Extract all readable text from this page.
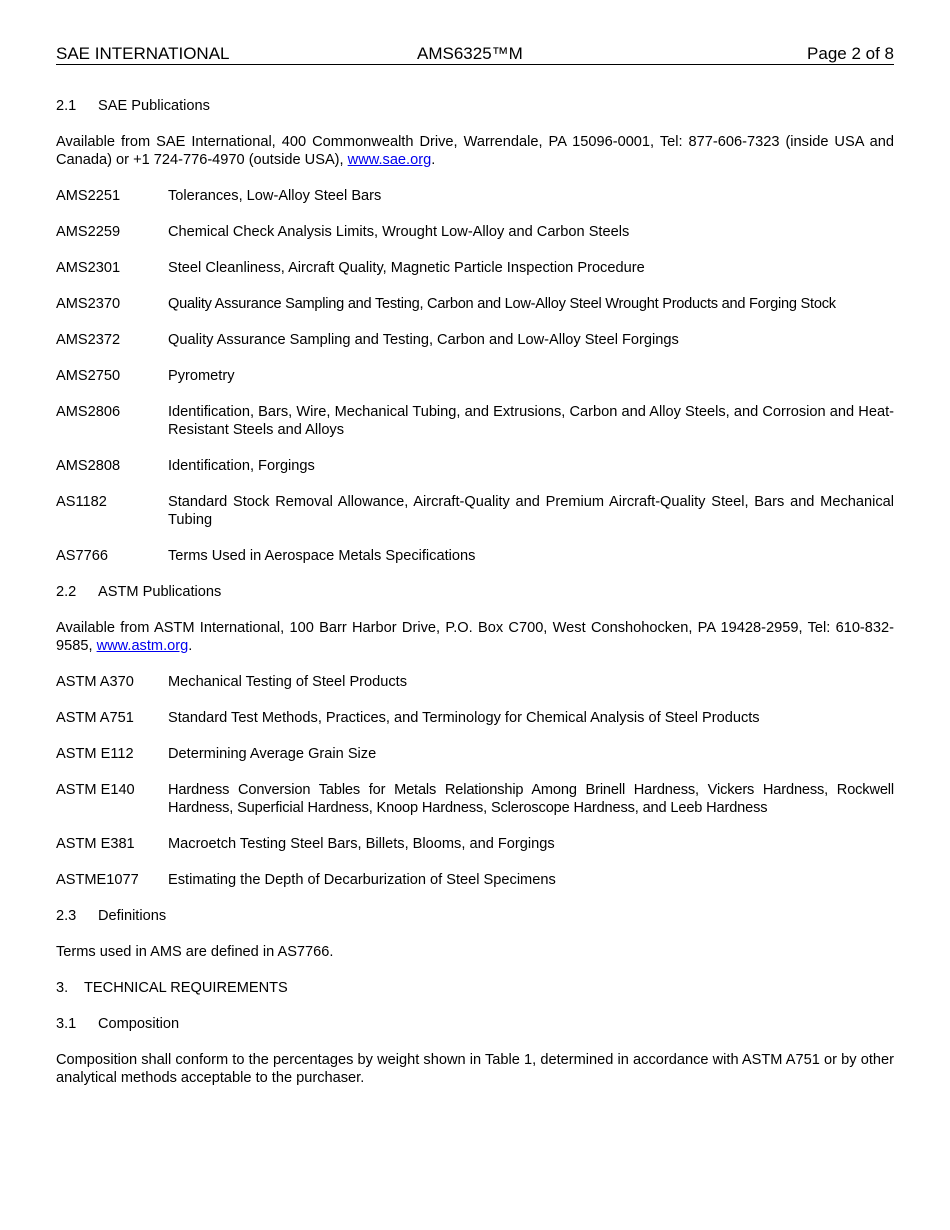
SAE INTERNATIONAL	AMS6325™M	Page 2 of 8
2.1 SAE Publications
Available from SAE International, 400 Commonwealth Drive, Warrendale, PA 15096-0001, Tel: 877-606-7323 (inside USA and Canada) or +1 724-776-4970 (outside USA), www.sae.org.
AMS2251	Tolerances, Low-Alloy Steel Bars
AMS2259	Chemical Check Analysis Limits, Wrought Low-Alloy and Carbon Steels
AMS2301	Steel Cleanliness, Aircraft Quality, Magnetic Particle Inspection Procedure
AMS2370	Quality Assurance Sampling and Testing, Carbon and Low-Alloy Steel Wrought Products and Forging Stock
AMS2372	Quality Assurance Sampling and Testing, Carbon and Low-Alloy Steel Forgings
AMS2750	Pyrometry
AMS2806	Identification, Bars, Wire, Mechanical Tubing, and Extrusions, Carbon and Alloy Steels, and Corrosion and Heat-Resistant Steels and Alloys
AMS2808	Identification, Forgings
AS1182	Standard Stock Removal Allowance, Aircraft-Quality and Premium Aircraft-Quality Steel, Bars and Mechanical Tubing
AS7766	Terms Used in Aerospace Metals Specifications
2.2 ASTM Publications
Available from ASTM International, 100 Barr Harbor Drive, P.O. Box C700, West Conshohocken, PA 19428-2959, Tel: 610-832-9585, www.astm.org.
ASTM A370	Mechanical Testing of Steel Products
ASTM A751	Standard Test Methods, Practices, and Terminology for Chemical Analysis of Steel Products
ASTM E112	Determining Average Grain Size
ASTM E140	Hardness Conversion Tables for Metals Relationship Among Brinell Hardness, Vickers Hardness, Rockwell Hardness, Superficial Hardness, Knoop Hardness, Scleroscope Hardness, and Leeb Hardness
ASTM E381	Macroetch Testing Steel Bars, Billets, Blooms, and Forgings
ASTME1077	Estimating the Depth of Decarburization of Steel Specimens
2.3 Definitions
Terms used in AMS are defined in AS7766.
3. TECHNICAL REQUIREMENTS
3.1 Composition
Composition shall conform to the percentages by weight shown in Table 1, determined in accordance with ASTM A751 or by other analytical methods acceptable to the purchaser.
